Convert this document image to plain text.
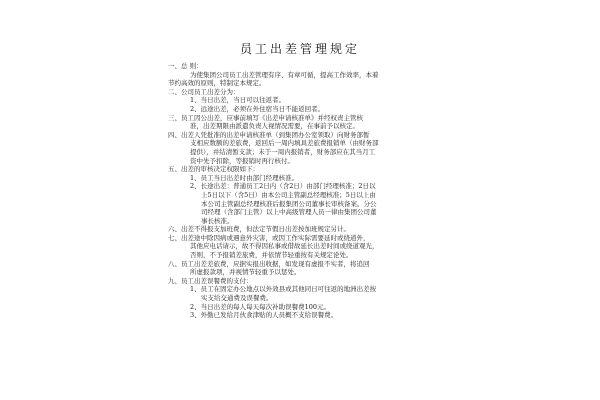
员工出差管理规定

一、总 则：

为使集团公司员工出差管理有序、有章可循，提高工作效率，本着

节约高效的原则，特制定本规定。

二、公司员工出差分为：

1、当日出差，当日可以往返者。

2、远途出差，必须在外住宿当日不能返回者。

三、员工因公出差，应事前填写《出差申请核准单》并经权责主管核

准，出差期限由派遣负责人视情况需要，在事前予以核定。

四、出差人凭批准的出差申请核准单（到集团办公室领取）向财务部暂

支相应数额的差旅费，返回后一周内填具差旅费报销单（由财务部

提供），并结清暂支款；未于一周内报销者，财务部应在其当月工

资中先予扣除，等报销时再行核付。

五、出差的审核决定权限如下：

1、员工当日出差时由部门经理核准。

2、长途出差：普通员工2日内（含2日）由部门经理核准；2日以

上5日以下（含5日）由本公司主管副总经理核准；5日以上由

本公司主管副总经理核准后报集团公司董事长审核备案。分公

司经理（含部门主管）以上中高级管理人员一律由集团公司董

事长核准。

六、出差不得报支加班费，但法定节假日出差按加班规定另计。

七、出差途中除因病或遇意外灾害，或因工作实际需要延时或绕道外，

其他应电话请示，故不得因私事或借故延长出差时间或绕道观光，

否则，不予报销差旅费，并依情节轻重按有关规定论处。

八、员工出差差旅费，应据实报出收据，如发现有虚报不实者，将追回

所虚报款项，并视情节轻重予以惩处。

九、员工出差误餐费的支付：

1、员工在固定办公地点以外效县或其他同日可往返的地洲出差按

实支给交通费及误餐费。

2、当日出差的每人每天每次补助误餐费100元。

3、外勤已发给月伙食津贴的人员概不支给误餐费。
